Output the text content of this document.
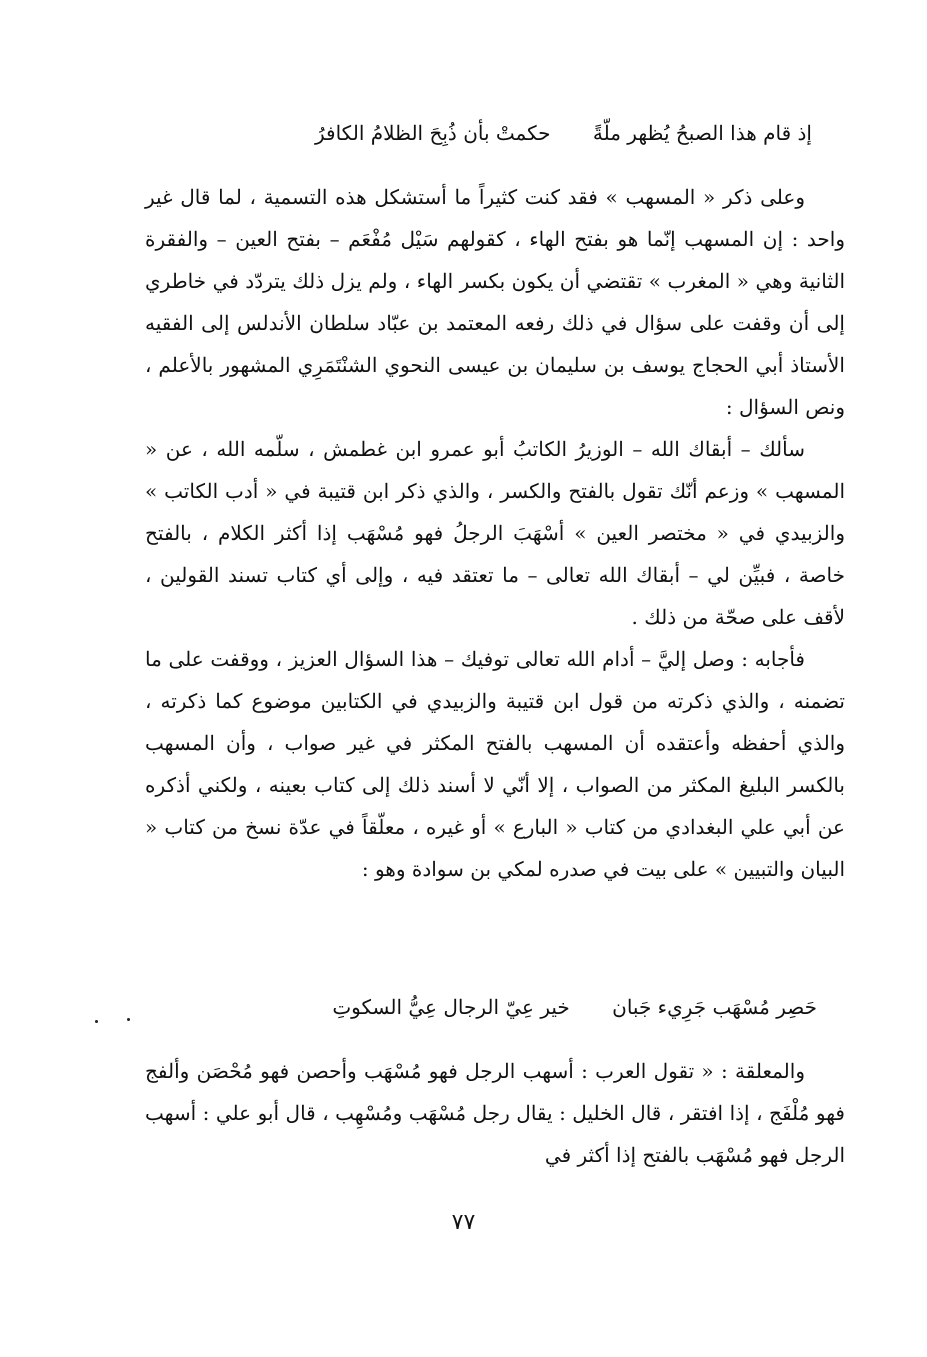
إذ قام هذا الصبحُ يُظهر ملّةً حكمتْ بأن ذُبِحَ الظلامُ الكافرُ

وعلى ذكر « المسهب » فقد كنت كثيراً ما أستشكل هذه التسمية ، لما قال غير واحد : إن المسهب إنّما هو بفتح الهاء ، كقولهم سَيْل مُفْعَم – بفتح العين – والفقرة الثانية وهي « المغرب » تقتضي أن يكون بكسر الهاء ، ولم يزل ذلك يتردّد في خاطري إلى أن وقفت على سؤال في ذلك رفعه المعتمد بن عبّاد سلطان الأندلس إلى الفقيه الأستاذ أبي الحجاج يوسف بن سليمان بن عيسى النحوي الشنْتَمَرِي المشهور بالأعلم ، ونص السؤال :

سألك – أبقاك الله – الوزيرُ الكاتبُ أبو عمرو ابن غطمش ، سلّمه الله ، عن « المسهب » وزعم أنّك تقول بالفتح والكسر ، والذي ذكر ابن قتيبة في « أدب الكاتب » والزبيدي في « مختصر العين » أسْهَبَ الرجلُ فهو مُسْهَب إذا أكثر الكلام ، بالفتح خاصة ، فبيِّن لي – أبقاك الله تعالى – ما تعتقد فيه ، وإلى أي كتاب تسند القولين ، لأقف على صحّة من ذلك .

فأجابه : وصل إليَّ – أدام الله تعالى توفيك – هذا السؤال العزيز ، ووقفت على ما تضمنه ، والذي ذكرته من قول ابن قتيبة والزبيدي في الكتابين موضوع كما ذكرته ، والذي أحفظه وأعتقده أن المسهب بالفتح المكثر في غير صواب ، وأن المسهب بالكسر البليغ المكثر من الصواب ، إلا أنّي لا أسند ذلك إلى كتاب بعينه ، ولكني أذكره عن أبي علي البغدادي من كتاب « البارع » أو غيره ، معلّقاً في عدّة نسخ من كتاب « البيان والتبيين » على بيت في صدره لمكي بن سوادة وهو :

حَصِر مُسْهَب جَرِيء جَبان خير عِيّ الرجال عِيُّ السكوتِ

والمعلقة : « تقول العرب : أسهب الرجل فهو مُسْهَب وأحصن فهو مُحْصَن وألفج فهو مُلْفَج ، إذا افتقر ، قال الخليل : يقال رجل مُسْهَب ومُسْهِب ، قال أبو علي : أسهب الرجل فهو مُسْهَب بالفتح إذا أكثر في

٧٧
